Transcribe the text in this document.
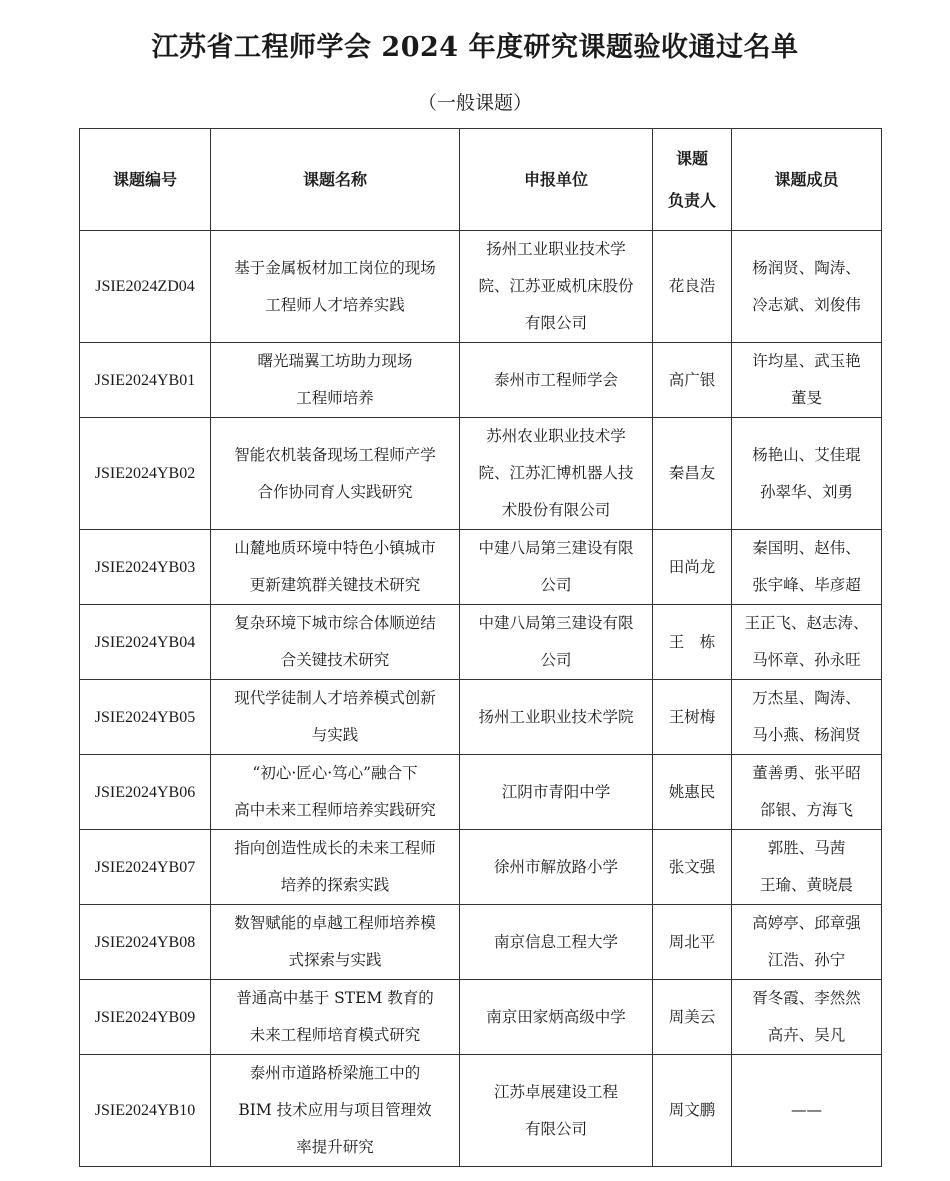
江苏省工程师学会 2024 年度研究课题验收通过名单
（一般课题）
课题编号	课题名称	申报单位	课题
负责人	课题成员

JSIE2024ZD04	基于金属板材加工岗位的现场
工程师人才培养实践	扬州工业职业技术学
院、江苏亚威机床股份
有限公司	花良浩	杨润贤、陶涛、
冷志斌、刘俊伟

JSIE2024YB01	曙光瑞翼工坊助力现场
工程师培养	泰州市工程师学会	高广银	许均星、武玉艳
董旻

JSIE2024YB02	智能农机装备现场工程师产学
合作协同育人实践研究	苏州农业职业技术学
院、江苏汇博机器人技
术股份有限公司	秦昌友	杨艳山、艾佳琨
孙翠华、刘勇

JSIE2024YB03	山麓地质环境中特色小镇城市
更新建筑群关键技术研究	中建八局第三建设有限
公司	田尚龙	秦国明、赵伟、
张宇峰、毕彦超

JSIE2024YB04	复杂环境下城市综合体顺逆结
合关键技术研究	中建八局第三建设有限
公司	王　栋	王正飞、赵志涛、
马怀章、孙永旺

JSIE2024YB05	现代学徒制人才培养模式创新
与实践	扬州工业职业技术学院	王树梅	万杰星、陶涛、
马小燕、杨润贤

JSIE2024YB06	“初心·匠心·笃心”融合下
高中未来工程师培养实践研究	江阴市青阳中学	姚惠民	董善勇、张平昭
郃银、方海飞

JSIE2024YB07	指向创造性成长的未来工程师
培养的探索实践	徐州市解放路小学	张文强	郭胜、马茜
王瑜、黄晓晨

JSIE2024YB08	数智赋能的卓越工程师培养模
式探索与实践	南京信息工程大学	周北平	高婷亭、邱章强
江浩、孙宁

JSIE2024YB09	普通高中基于 STEM 教育的
未来工程师培育模式研究	南京田家炳高级中学	周美云	胥冬霞、李然然
高卉、吴凡

JSIE2024YB10	泰州市道路桥梁施工中的
BIM 技术应用与项目管理效
率提升研究	江苏卓展建设工程
有限公司	周文鹏	——
